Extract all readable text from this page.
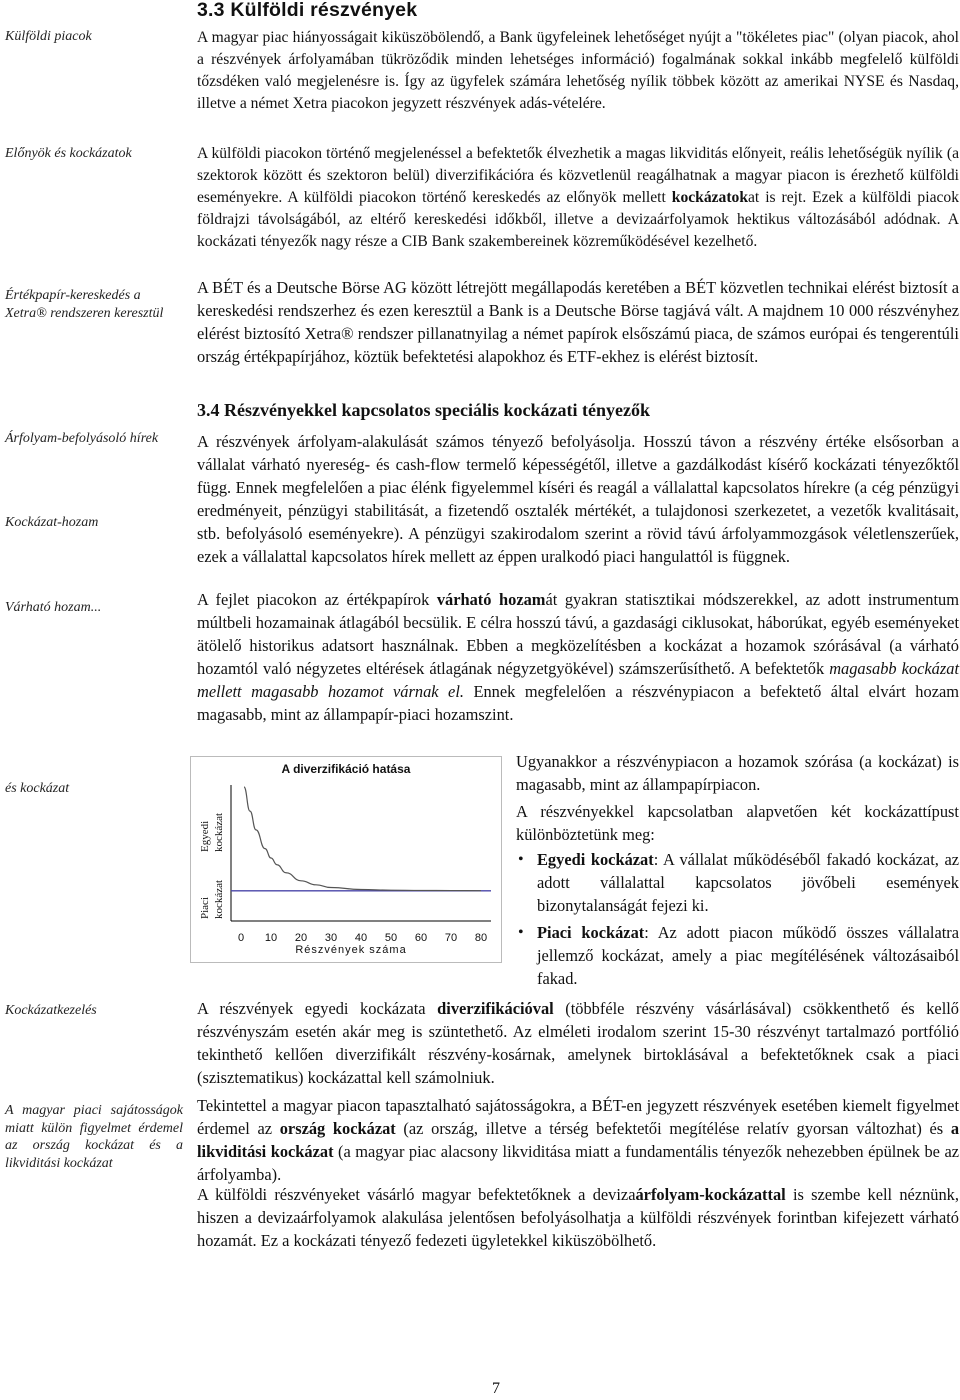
Külföldi piacok
Előnyök és kockázatok
Értékpapír-kereskedés a Xetra® rendszeren keresztül
Árfolyam-befolyásoló hírek
Kockázat-hozam
Várható hozam...
és kockázat
Kockázatkezelés
A magyar piaci sajátosságok miatt külön figyelmet érdemel az ország kockázat és a likviditási kockázat
3.3 Külföldi részvények

A magyar piac hiányosságait kiküszöbölendő, a Bank ügyfeleinek lehetőséget nyújt a "tökéletes piac" (olyan piacok, ahol a részvények árfolyamában tükröződik minden lehetséges információ) fogalmának sokkal inkább megfelelő külföldi tőzsdéken való megjelenésre is. Így az ügyfelek számára lehetőség nyílik többek között az amerikai NYSE és Nasdaq, illetve a német Xetra piacokon jegyzett részvények adás-vételére.

A külföldi piacokon történő megjelenéssel a befektetők élvezhetik a magas likviditás előnyeit, reális lehetőségük nyílik (a szektorok között és szektoron belül) diverzifikációra és közvetlenül reagálhatnak a magyar piacon is érezhető külföldi eseményekre. A külföldi piacokon történő kereskedés az előnyök mellett kockázatokat is rejt. Ezek a külföldi piacok földrajzi távolságából, az eltérő kereskedési időkből, illetve a devizaárfolyamok hektikus változásából adódnak. A kockázati tényezők nagy része a CIB Bank szakembereinek közreműködésével kezelhető.

A BÉT és a Deutsche Börse AG között létrejött megállapodás keretében a BÉT közvetlen technikai elérést biztosít a kereskedési rendszerhez és ezen keresztül a Bank is a Deutsche Börse tagjává vált. A majdnem 10 000 részvényhez elérést biztosító Xetra® rendszer pillanatnyilag a német papírok elsőszámú piaca, de számos európai és tengerentúli ország értékpapírjához, köztük befektetési alapokhoz és ETF-ekhez is elérést biztosít.

3.4 Részvényekkel kapcsolatos speciális kockázati tényezők

A részvények árfolyam-alakulását számos tényező befolyásolja. Hosszú távon a részvény értéke elsősorban a vállalat várható nyereség- és cash-flow termelő képességétől, illetve a gazdálkodást kísérő kockázati tényezőktől függ. Ennek megfelelően a piac élénk figyelemmel kíséri és reagál a vállalattal kapcsolatos hírekre (a cég pénzügyi eredményeit, pénzügyi stabilitását, a fizetendő osztalék mértékét, a tulajdonosi szerkezetet, a vezetők kvalitásait, stb. befolyásoló eseményekre). A pénzügyi szakirodalom szerint a rövid távú árfolyammozgások véletlenszerűek, ezek a vállalattal kapcsolatos hírek mellett az éppen uralkodó piaci hangulattól is függnek.

A fejlet piacokon az értékpapírok várható hozamát gyakran statisztikai módszerekkel, az adott instrumentum múltbeli hozamainak átlagából becsülik. E célra hosszú távú, a gazdasági ciklusokat, háborúkat, egyéb eseményeket ätölelő historikus adatsort használnak. Ebben a megközelítésben a kockázat a hozamok szórásával (a várható hozamtól való négyzetes eltérések átlagának négyzetgyökével) számszerűsíthető. A befektetők magasabb kockázat mellett magasabb hozamot várnak el. Ennek megfelelően a részvénypiacon a befektető által elvárt hozam magasabb, mint az állampapír-piaci hozamszint.

A diverzifikáció hatása
Egyedi kockázat
Piaci kockázat
0 10 20 30 40 50 60 70 80
Részvények száma

Ugyanakkor a részvénypiacon a hozamok szórása (a kockázat) is magasabb, mint az állampapírpiacon.

A részvényekkel kapcsolatban alapvetően két kockázattípust különböztetünk meg:

• Egyedi kockázat: A vállalat működéséből fakadó kockázat, az adott vállalattal kapcsolatos jövőbeli események bizonytalanságát fejezi ki.
• Piaci kockázat: Az adott piacon működő összes vállalatra jellemző kockázat, amely a piac megítélésének változásaiból fakad.

A részvények egyedi kockázata diverzifikációval (többféle részvény vásárlásával) csökkenthető és kellő részvényszám esetén akár meg is szüntethető. Az elméleti irodalom szerint 15-30 részvényt tartalmazó portfólió tekinthető kellően diverzifikált részvény-kosárnak, amelynek birtoklásával a befektetőknek csak a piaci (szisztematikus) kockázattal kell számolniuk.

Tekintettel a magyar piacon tapasztalható sajátosságokra, a BÉT-en jegyzett részvények esetében kiemelt figyelmet érdemel az ország kockázat (az ország, illetve a térség befektetői megítélése relatív gyorsan változhat) és a likviditási kockázat (a magyar piac alacsony likviditása miatt a fundamentális tényezők nehezebben épülnek be az árfolyamba).

A külföldi részvényeket vásárló magyar befektetőknek a devizaárfolyam-kockázattal is szembe kell néznünk, hiszen a devizaárfolyamok alakulása jelentősen befolyásolhatja a külföldi részvények forintban kifejezett várható hozamát. Ez a kockázati tényező fedezeti ügyletekkel kiküszöbölhető.

7
